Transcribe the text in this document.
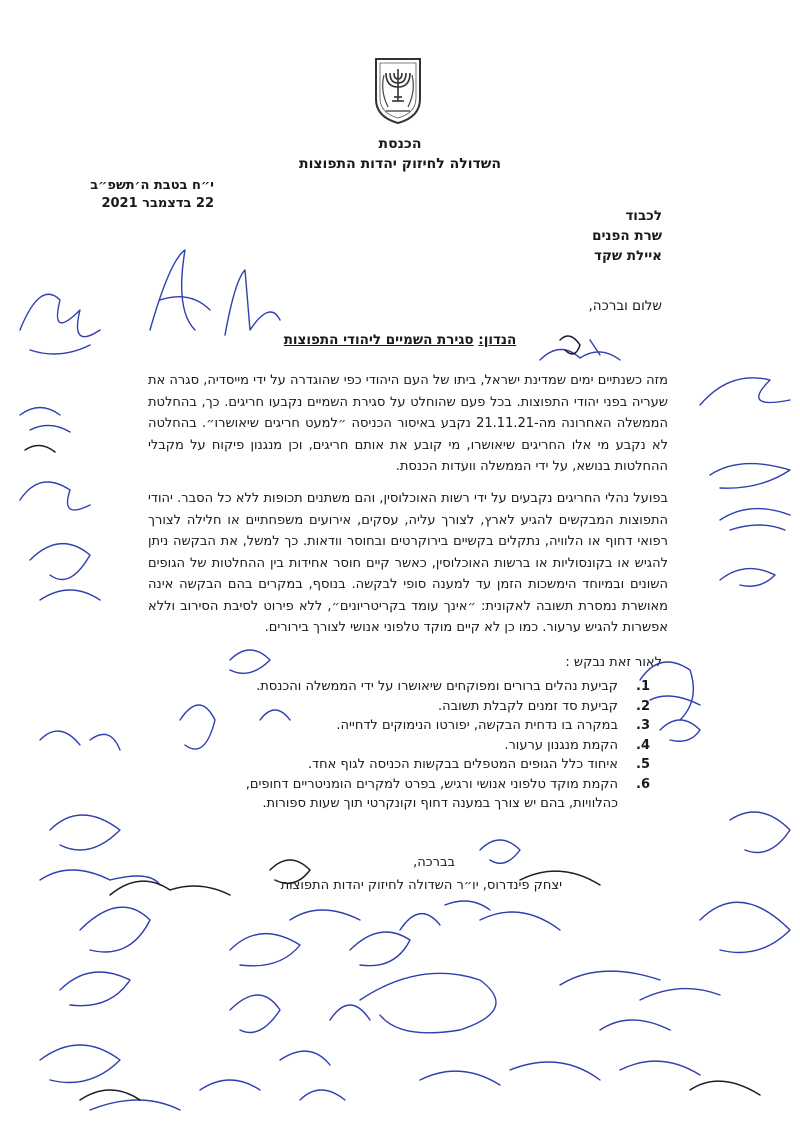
הכנסת
השדולה לחיזוק יהדות התפוצות
י״ח בטבת ה׳תשפ״ב
22 בדצמבר 2021
לכבוד
שרת הפנים
איילת שקד
שלום וברכה,
הנדון: סגירת השמיים ליהודי התפוצות
מזה כשנתיים ימים שמדינת ישראל, ביתו של העם היהודי כפי שהוגדרה על ידי מייסדיה, סגרה את שעריה בפני יהודי התפוצות. בכל פעם שהוחלט על סגירת השמיים נקבעו חריגים. כך, בהחלטת הממשלה האחרונה מה-21.11.21 נקבע באיסור הכניסה ״למעט חריגים שיאושרו״. בהחלטה לא נקבע מי אלו החריגים שיאושרו, מי קובע את אותם חריגים, וכן מנגנון פיקוח על מקבלי ההחלטות בנושא, על ידי הממשלה וועדות הכנסת.
בפועל נהלי החריגים נקבעים על ידי רשות האוכלוסין, והם משתנים תכופות ללא כל הסבר. יהודי התפוצות המבקשים להגיע לארץ, לצורך עליה, עסקים, אירועים משפחתיים או חלילה לצורך רפואי דחוף או הלוויה, נתקלים בקשיים בירוקרטים ובחוסר וודאות. כך למשל, את הבקשה ניתן להגיש או בקונסוליות או ברשות האוכלוסין, כאשר קיים חוסר אחידות בין ההחלטות של הגופים השונים ובמיוחד הימשכות הזמן עד למענה סופי לבקשה. בנוסף, במקרים בהם הבקשה אינה מאושרת נמסרת תשובה לאקונית: ״אינך עומד בקריטריונים״, ללא פירוט לסיבת הסירוב וללא אפשרות להגיש ערעור. כמו כן לא קיים מוקד טלפוני אנושי לצורך בירורים.
לאור זאת נבקש :
1.
קביעת נהלים ברורים ומפוקחים שיאושרו על ידי הממשלה והכנסת.
2.
קביעת סד זמנים לקבלת תשובה.
3.
במקרה בו נדחית הבקשה, יפורטו הנימוקים לדחייה.
4.
הקמת מנגנון ערעור.
5.
איחוד כלל הגופים המטפלים בבקשות הכניסה לגוף אחד.
6.
הקמת מוקד טלפוני אנושי ורגיש, בפרט למקרים הומניטריים דחופים, כהלוויות, בהם יש צורך במענה דחוף וקונקרטי תוך שעות ספורות.
בברכה,
יצחק פינדרוס, יו״ר השדולה לחיזוק יהדות התפוצות
